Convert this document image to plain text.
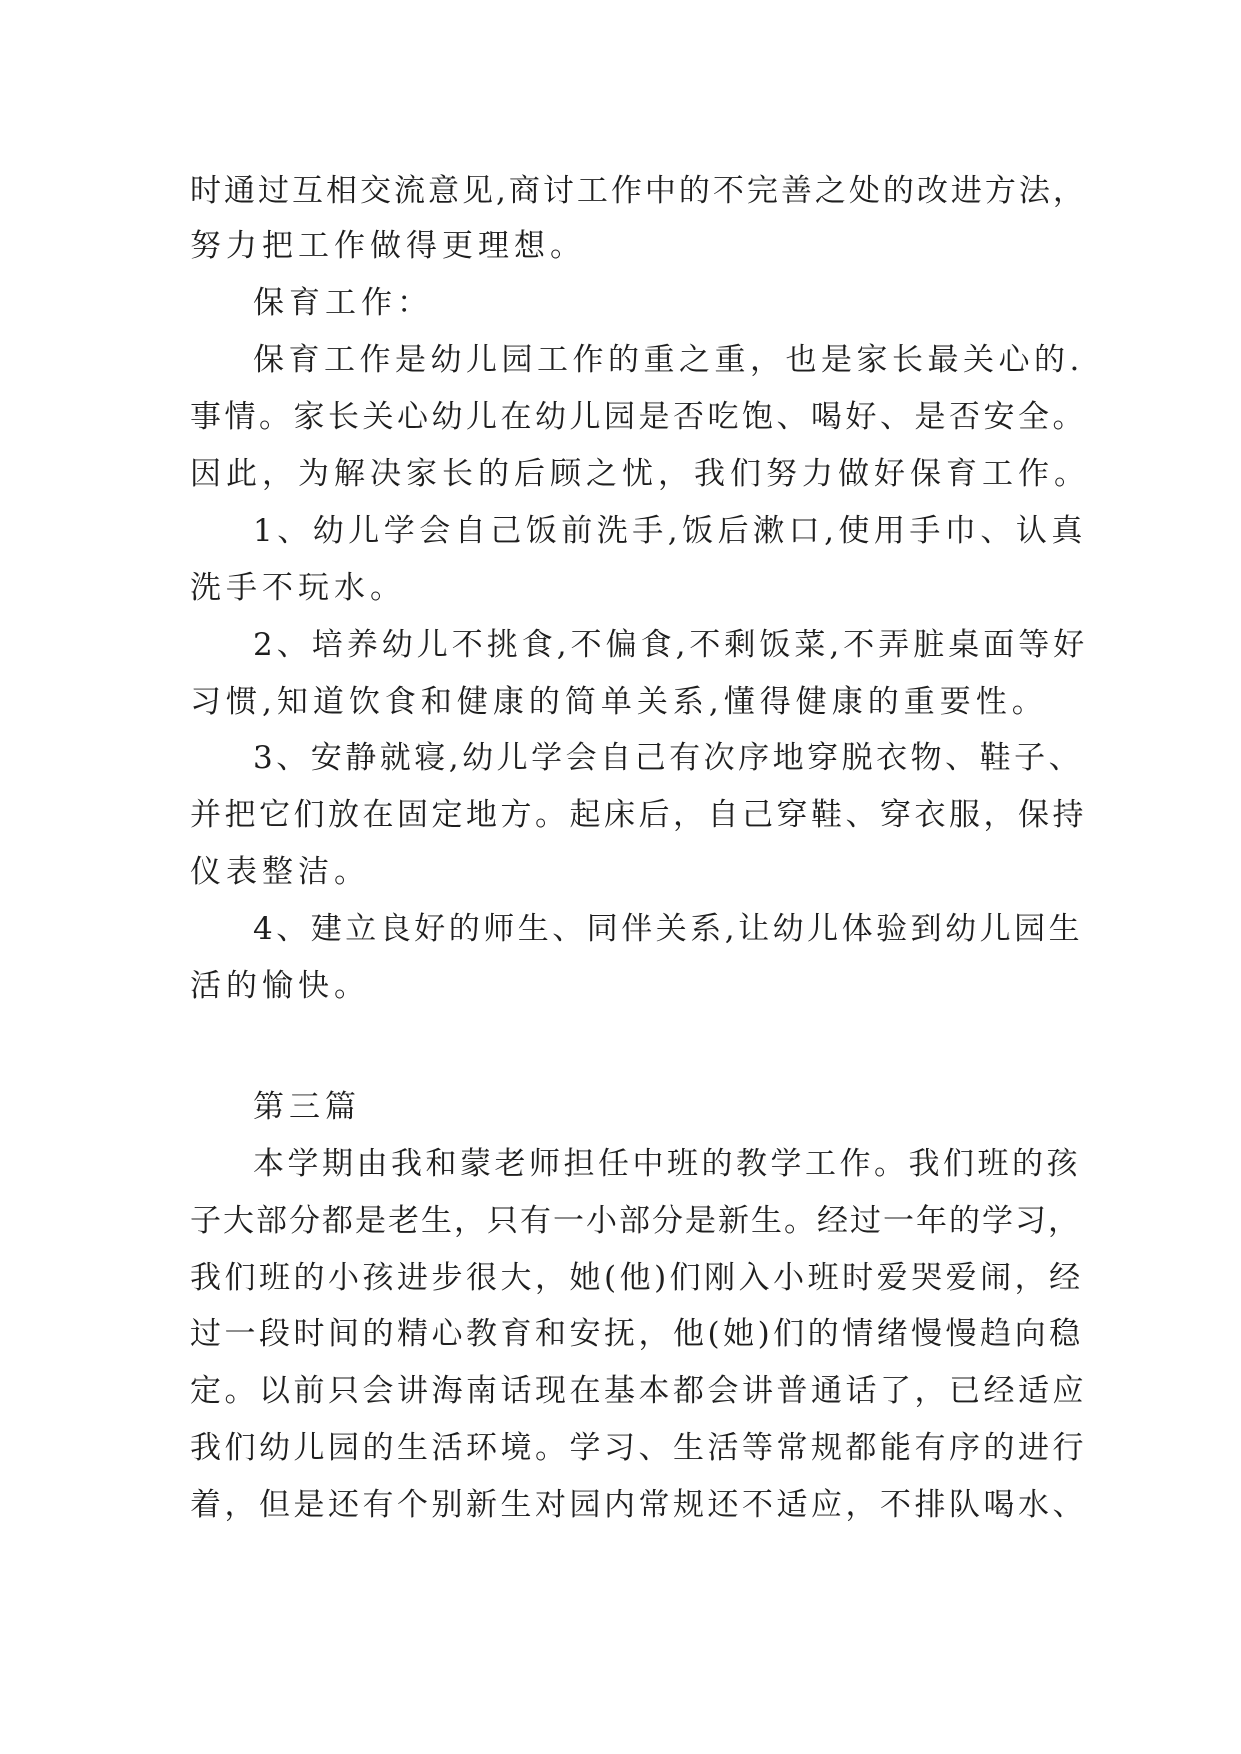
时通过互相交流意见,商讨工作中的不完善之处的改进方法，
努力把工作做得更理想。
保育工作：
保育工作是幼儿园工作的重之重，也是家长最关心的.
事情。家长关心幼儿在幼儿园是否吃饱、喝好、是否安全。
因此，为解决家长的后顾之忧，我们努力做好保育工作。
1、幼儿学会自己饭前洗手,饭后漱口,使用手巾、认真
洗手不玩水。
2、培养幼儿不挑食,不偏食,不剩饭菜,不弄脏桌面等好
习惯,知道饮食和健康的简单关系,懂得健康的重要性。
3、安静就寝,幼儿学会自己有次序地穿脱衣物、鞋子、
并把它们放在固定地方。起床后，自己穿鞋、穿衣服，保持
仪表整洁。
4、建立良好的师生、同伴关系,让幼儿体验到幼儿园生
活的愉快。
第三篇
本学期由我和蒙老师担任中班的教学工作。我们班的孩
子大部分都是老生，只有一小部分是新生。经过一年的学习，
我们班的小孩进步很大，她(他)们刚入小班时爱哭爱闹，经
过一段时间的精心教育和安抚，他(她)们的情绪慢慢趋向稳
定。以前只会讲海南话现在基本都会讲普通话了，已经适应
我们幼儿园的生活环境。学习、生活等常规都能有序的进行
着，但是还有个别新生对园内常规还不适应，不排队喝水、
